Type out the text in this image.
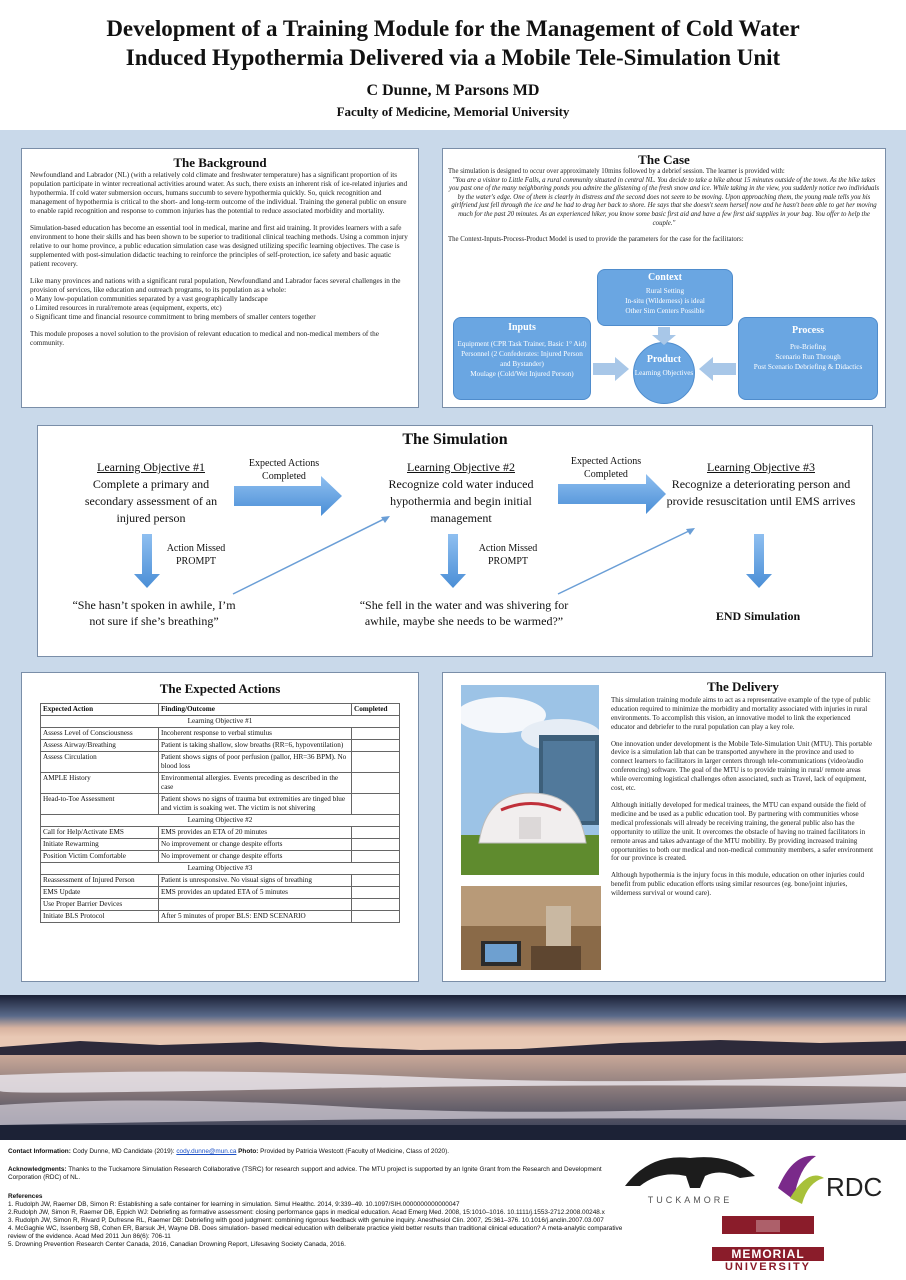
Development of a Training Module for the Management of Cold Water
Induced Hypothermia Delivered via a Mobile Tele-Simulation Unit
C Dunne, M Parsons MD
Faculty of Medicine, Memorial University
The Background

Newfoundland and Labrador (NL) (with a relatively cold climate and freshwater temperature) has a significant proportion of its population participate in winter recreational activities around water. As such, there exists an inherent risk of ice-related injuries and hypothermia. If cold water submersion occurs, humans succumb to severe hypothermia quickly. So, quick recognition and management of hypothermia is critical to the short- and long-term outcome of the individual. Training the general public on ensure to enable rapid recognition and response to common injuries has the potential to reduce associated morbidity and mortality.

Simulation-based education has become an essential tool in medical, marine and first aid training. It provides learners with a safe environment to hone their skills and has been shown to be superior to traditional clinical teaching methods. Using a common injury relative to our home province, a public education simulation case was designed utilizing specific learning objectives. The case is supplemented with post-simulation didactic teaching to reinforce the principles of self-protection, ice safety and basic aquatic patient recovery.

Like many provinces and nations with a significant rural population, Newfoundland and Labrador faces several challenges in the provision of services, like education and outreach programs, to its population as a whole:

o Many low-population communities separated by a vast geographically landscape
o Limited resources in rural/remote areas (equipment, experts, etc)
o Significant time and financial resource commitment to bring members of smaller centers together

This module proposes a novel solution to the provision of relevant education to medical and non-medical members of the community.

The Case
The simulation is designed to occur over approximately 10mins followed by a debrief session. The learner is provided with:
"You are a visitor to Little Falls, a rural community situated in central NL. You decide to take a hike about 15 minutes outside of the town. As the hike takes you past one of the many neighboring ponds you admire the glistening of the fresh snow and ice. While taking in the view, you suddenly notice two individuals by the water's edge. One of them is clearly in distress and the second does not seem to be moving. Upon approaching them, the young male tells you his girlfriend just fell through the ice and he had to drag her back to shore. He says that she doesn't seem herself now and he hasn't been able to get her moving much for the past 20 minutes. As an experienced hiker, you know some basic first aid and have a few first aid supplies in your bag. You offer to help the couple."
The Context-Inputs-Process-Product Model is used to provide the parameters for the case for the facilitators:
Context
Rural Setting
In-situ (Wilderness) is ideal
Other Sim Centers Possible
Inputs
Equipment (CPR Task Trainer, Basic 1° Aid)
Personnel (2 Confederates: Injured Person and Bystander)
Moulage (Cold/Wet Injured Person)
Process
Pre-Briefing
Scenario Run Through
Post Scenario Debriefing & Didactics
Product
Learning Objectives
The Simulation
Learning Objective #1
Complete a primary and secondary assessment of an injured person
Learning Objective #2
Recognize cold water induced hypothermia and begin initial management
Learning Objective #3
Recognize a deteriorating person and provide resuscitation until EMS arrives
Expected Actions Completed
Expected Actions Completed
Action Missed PROMPT
Action Missed PROMPT
“She hasn’t spoken in awhile, I’m not sure if she’s breathing”
“She fell in the water and was shivering for awhile, maybe she needs to be warmed?”	END Simulation
The Expected Actions
Expected Action	Finding/Outcome	Completed
Learning Objective #1		
Assess Level of Consciousness	Incoherent response to verbal stimulus	
Assess Airway/Breathing	Patient is taking shallow, slow breaths (RR=6, hypoventilation)	
Assess Circulation	Patient shows signs of poor perfusion (pallor, HR=36 BPM). No blood loss	
AMPLE History	Environmental allergies. Events preceding as described in the case	
Head-to-Toe Assessment	Patient shows no signs of trauma but extremities are tinged blue and victim is soaking wet. The victim is not shivering	
Learning Objective #2		
Call for Help/Activate EMS	EMS provides an ETA of 20 minutes	
Initiate Rewarming	No improvement or change despite efforts	
Position Victim Comfortable	No improvement or change despite efforts	
Learning Objective #3		
Reassessment of Injured Person	Patient is unresponsive. No visual signs of breathing	
EMS Update	EMS provides an updated ETA of 5 minutes	
Use Proper Barrier Devices		
Initiate BLS Protocol	After 5 minutes of proper BLS: END SCENARIO	
The Delivery

This simulation training module aims to act as a representative example of the type of public education required to minimize the morbidity and mortality associated with injuries in rural environments. To accomplish this vision, an innovative model to link the experienced educator and debriefer to the rural population can play a key role.

One innovation under development is the Mobile Tele-Simulation Unit (MTU). This portable device is a simulation lab that can be transported anywhere in the province and used to connect learners to facilitators in larger centers through tele-communications (video/audio conferencing) software. The goal of the MTU is to provide training in rural/ remote areas while overcoming logistical challenges often associated, such as Travel, lack of equipment, cost, etc.

Although initially developed for medical trainees, the MTU can expand outside the field of medicine and be used as a public education tool. By partnering with communities whose medical professionals will already be receiving training, the general public also has the opportunity to utilize the unit. It overcomes the obstacle of having no trained facilitators in remote areas and takes advantage of the MTU mobility. By providing increased training opportunities to both our medical and non-medical community members, a safer environment for our province is created.

Although hypothermia is the injury focus in this module, education on other injuries could benefit from public education efforts using similar resources (eg. bone/joint injuries, wilderness survival or wound care).

Contact Information: Cody Dunne, MD Candidate (2019): cody.dunne@mun.ca Photo: Provided by Patricia Westcott (Faculty of Medicine, Class of 2020).
Acknowledgments: Thanks to the Tuckamore Simulation Research Collaborative (TSRC) for research support and advice. The MTU project is supported by an Ignite Grant from the Research and Development Corporation (RDC) of NL.
References
1. Rudolph JW, Raemer DB, Simon R: Establishing a safe container for learning in simulation. Simul Healthc. 2014, 9:339–49. 10.1097/SIH.0000000000000047
2.Rudolph JW, Simon R, Raemer DB, Eppich WJ: Debriefing as formative assessment: closing performance gaps in medical education. Acad Emerg Med. 2008, 15:1010–1016. 10.1111/j.1553-2712.2008.00248.x
3. Rudolph JW, Simon R, Rivard P, Dufresne RL, Raemer DB: Debriefing with good judgment: combining rigorous feedback with genuine inquiry. Anesthesiol Clin. 2007, 25:361–376. 10.1016/j.anclin.2007.03.007
4. McGaghie WC, Issenberg SB, Cohen ER, Barsuk JH, Wayne DB. Does simulation- based medical education with deliberate practice yield better results than traditional clinical education? A meta-analytic comparative review of the evidence. Acad Med 2011 Jun 86(6): 706-11
5. Drowning Prevention Research Center Canada, 2016, Canadian Drowning Report, Lifesaving Society Canada, 2016.
TUCKAMORE	RDC
MEMORIAL
UNIVERSITY
